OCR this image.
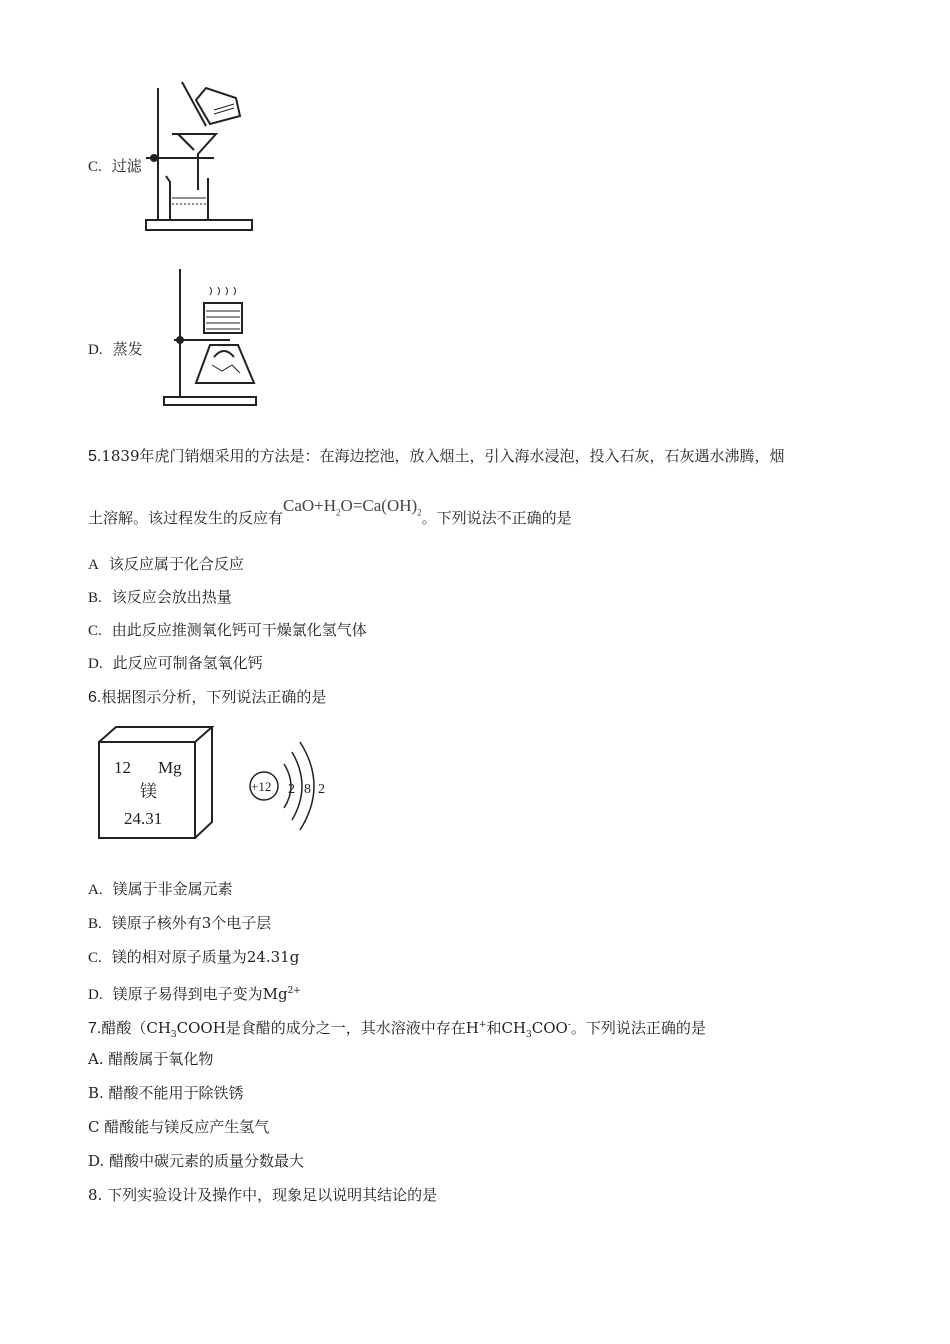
C. 过滤
D. 蒸发
5.1839年虎门销烟采用的方法是：在海边挖池，放入烟土，引入海水浸泡，投入石灰，石灰遇水沸腾，烟
土溶解。该过程发生的反应有$CaO+H_2O=Ca(OH)_2$。下列说法不正确的是
A 该反应属于化合反应
B. 该反应会放出热量
C. 由此反应推测氧化钙可干燥氯化氢气体
D. 此反应可制备氢氧化钙
6.根据图示分析，下列说法正确的是
12 Mg
镁
24.31
+12 2 8 2
A. 镁属于非金属元素
B. 镁原子核外有3个电子层
C. 镁的相对原子质量为24.31g
D. 镁原子易得到电子变为$Mg^{2+}$
7.醋酸（$CH_3COOH$是食醋的成分之一，其水溶液中存在H+和$CH_3COO^-$。下列说法正确的是
A. 醋酸属于氧化物
B. 醋酸不能用于除铁锈
C 醋酸能与镁反应产生氢气
D. 醋酸中碳元素的质量分数最大
8. 下列实验设计及操作中，现象足以说明其结论的是
